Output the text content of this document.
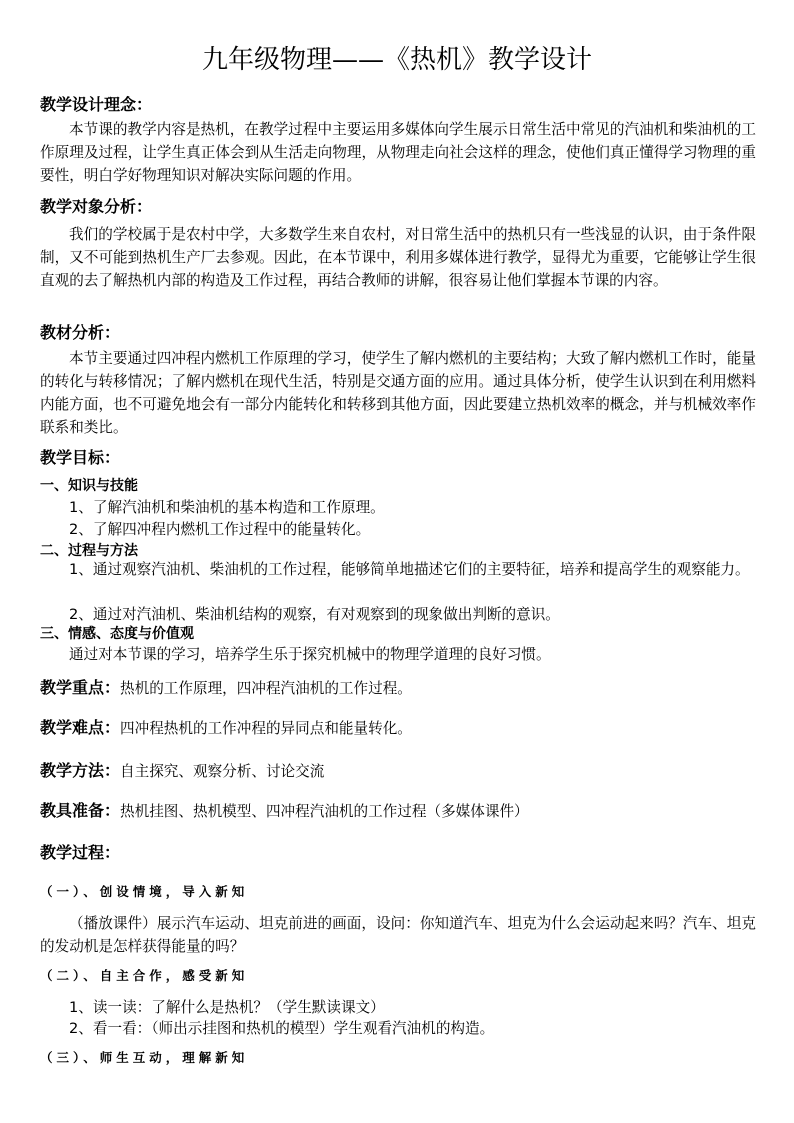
九年级物理——《热机》教学设计
教学设计理念：
本节课的教学内容是热机，在教学过程中主要运用多媒体向学生展示日常生活中常见的汽油机和柴油机的工作原理及过程，让学生真正体会到从生活走向物理，从物理走向社会这样的理念，使他们真正懂得学习物理的重要性，明白学好物理知识对解决实际问题的作用。
教学对象分析：
我们的学校属于是农村中学，大多数学生来自农村，对日常生活中的热机只有一些浅显的认识，由于条件限制，又不可能到热机生产厂去参观。因此，在本节课中，利用多媒体进行教学，显得尤为重要，它能够让学生很直观的去了解热机内部的构造及工作过程，再结合教师的讲解，很容易让他们掌握本节课的内容。
教材分析：
本节主要通过四冲程内燃机工作原理的学习，使学生了解内燃机的主要结构；大致了解内燃机工作时，能量的转化与转移情况；了解内燃机在现代生活，特别是交通方面的应用。通过具体分析，使学生认识到在利用燃料内能方面，也不可避免地会有一部分内能转化和转移到其他方面，因此要建立热机效率的概念，并与机械效率作联系和类比。
教学目标：
一、知识与技能
1、了解汽油机和柴油机的基本构造和工作原理。
2、了解四冲程内燃机工作过程中的能量转化。
二、过程与方法
1、通过观察汽油机、柴油机的工作过程，能够简单地描述它们的主要特征，培养和提高学生的观察能力。
2、通过对汽油机、柴油机结构的观察，有对观察到的现象做出判断的意识。
三、情感、态度与价值观
通过对本节课的学习，培养学生乐于探究机械中的物理学道理的良好习惯。
教学重点：热机的工作原理，四冲程汽油机的工作过程。
教学难点：四冲程热机的工作冲程的异同点和能量转化。
教学方法：自主探究、观察分析、讨论交流
教具准备：热机挂图、热机模型、四冲程汽油机的工作过程（多媒体课件）
教学过程：
（一）、创设情境，导入新知
（播放课件）展示汽车运动、坦克前进的画面，设问：你知道汽车、坦克为什么会运动起来吗？汽车、坦克的发动机是怎样获得能量的吗？
（二）、自主合作，感受新知
1、读一读：了解什么是热机？（学生默读课文）
2、看一看：（师出示挂图和热机的模型）学生观看汽油机的构造。
（三）、师生互动，理解新知
